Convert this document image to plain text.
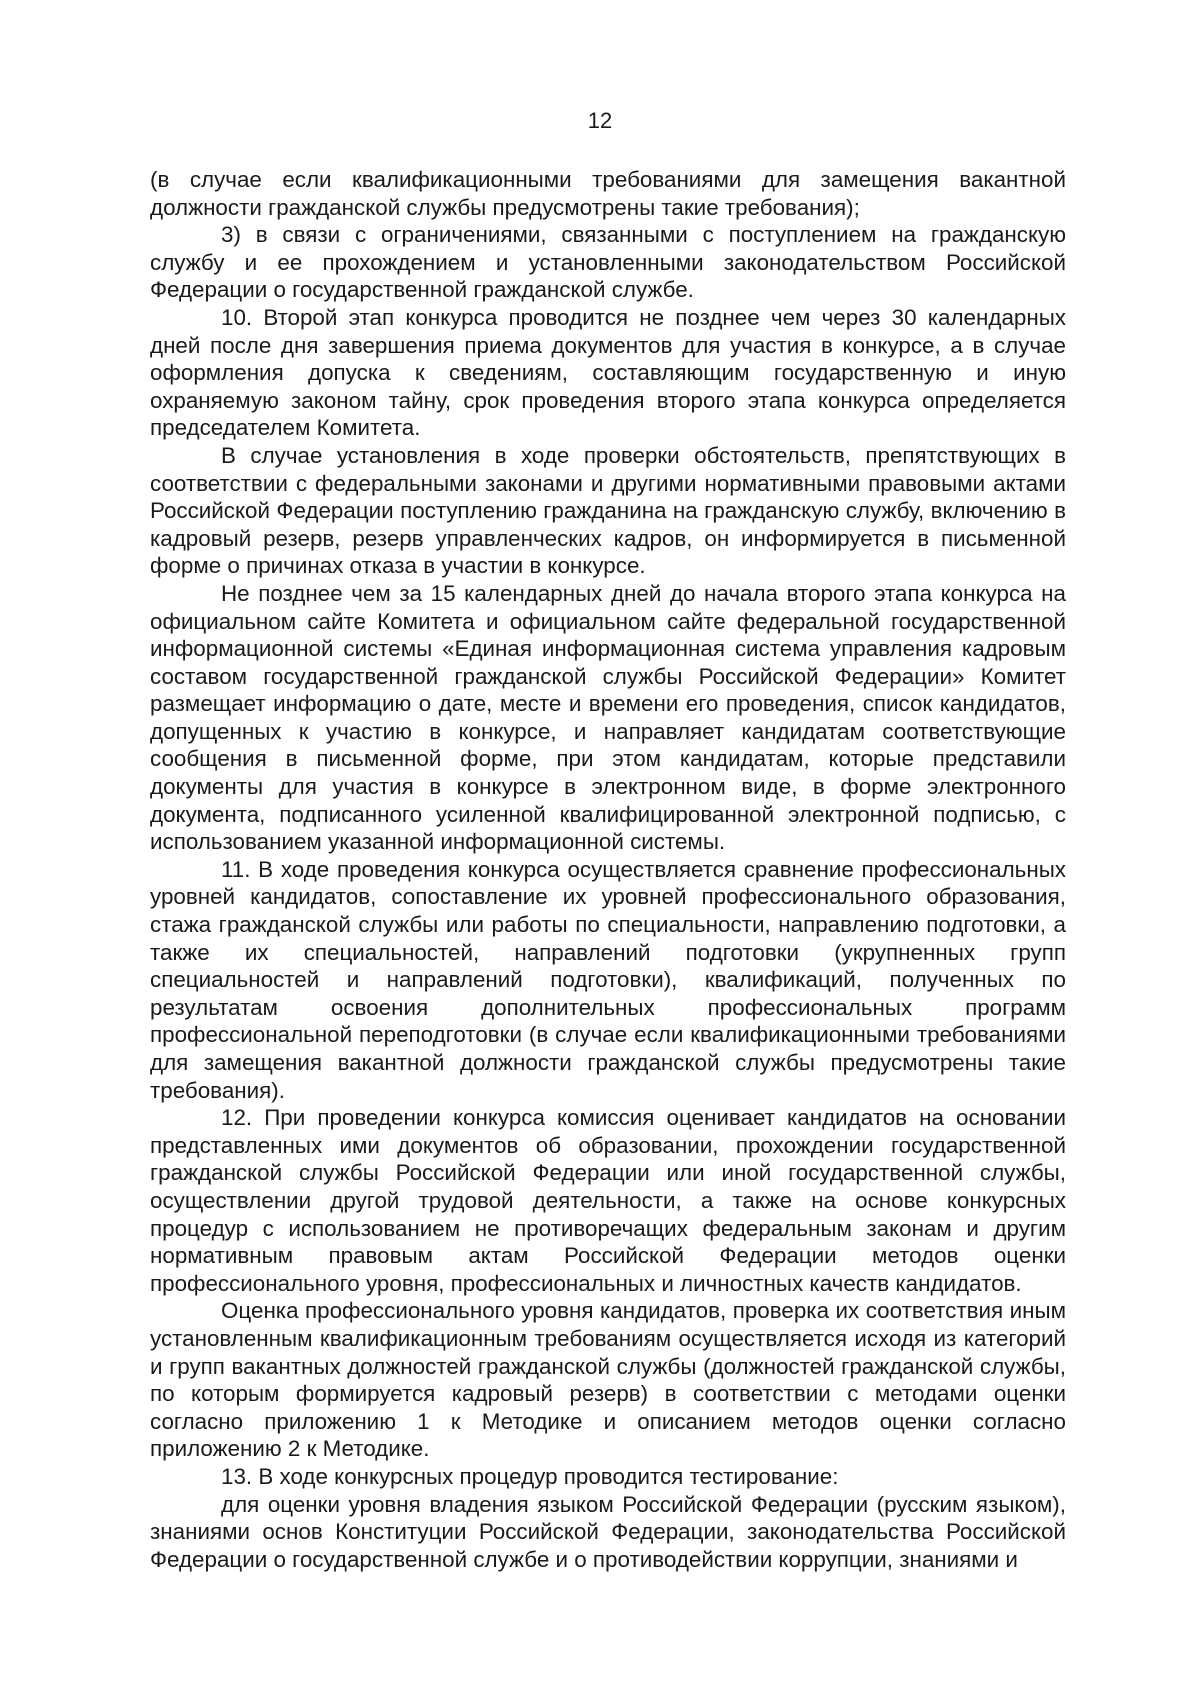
12

(в случае если квалификационными требованиями для замещения вакантной должности гражданской службы предусмотрены такие требования);

3) в связи с ограничениями, связанными с поступлением на гражданскую службу и ее прохождением и установленными законодательством Российской Федерации о государственной гражданской службе.

10. Второй этап конкурса проводится не позднее чем через 30 календарных дней после дня завершения приема документов для участия в конкурсе, а в случае оформления допуска к сведениям, составляющим государственную и иную охраняемую законом тайну, срок проведения второго этапа конкурса определяется председателем Комитета.

В случае установления в ходе проверки обстоятельств, препятствующих в соответствии с федеральными законами и другими нормативными правовыми актами Российской Федерации поступлению гражданина на гражданскую службу, включению в кадровый резерв, резерв управленческих кадров, он информируется в письменной форме о причинах отказа в участии в конкурсе.

Не позднее чем за 15 календарных дней до начала второго этапа конкурса на официальном сайте Комитета и официальном сайте федеральной государственной информационной системы «Единая информационная система управления кадровым составом государственной гражданской службы Российской Федерации» Комитет размещает информацию о дате, месте и времени его проведения, список кандидатов, допущенных к участию в конкурсе, и направляет кандидатам соответствующие сообщения в письменной форме, при этом кандидатам, которые представили документы для участия в конкурсе в электронном виде, в форме электронного документа, подписанного усиленной квалифицированной электронной подписью, с использованием указанной информационной системы.

11. В ходе проведения конкурса осуществляется сравнение профессиональных уровней кандидатов, сопоставление их уровней профессионального образования, стажа гражданской службы или работы по специальности, направлению подготовки, а также их специальностей, направлений подготовки (укрупненных групп специальностей и направлений подготовки), квалификаций, полученных по результатам освоения дополнительных профессиональных программ профессиональной переподготовки (в случае если квалификационными требованиями для замещения вакантной должности гражданской службы предусмотрены такие требования).

12. При проведении конкурса комиссия оценивает кандидатов на основании представленных ими документов об образовании, прохождении государственной гражданской службы Российской Федерации или иной государственной службы, осуществлении другой трудовой деятельности, а также на основе конкурсных процедур с использованием не противоречащих федеральным законам и другим нормативным правовым актам Российской Федерации методов оценки профессионального уровня, профессиональных и личностных качеств кандидатов.

Оценка профессионального уровня кандидатов, проверка их соответствия иным установленным квалификационным требованиям осуществляется исходя из категорий и групп вакантных должностей гражданской службы (должностей гражданской службы, по которым формируется кадровый резерв) в соответствии с методами оценки согласно приложению 1 к Методике и описанием методов оценки согласно приложению 2 к Методике.

13. В ходе конкурсных процедур проводится тестирование:

для оценки уровня владения языком Российской Федерации (русским языком), знаниями основ Конституции Российской Федерации, законодательства Российской Федерации о государственной службе и о противодействии коррупции, знаниями и
